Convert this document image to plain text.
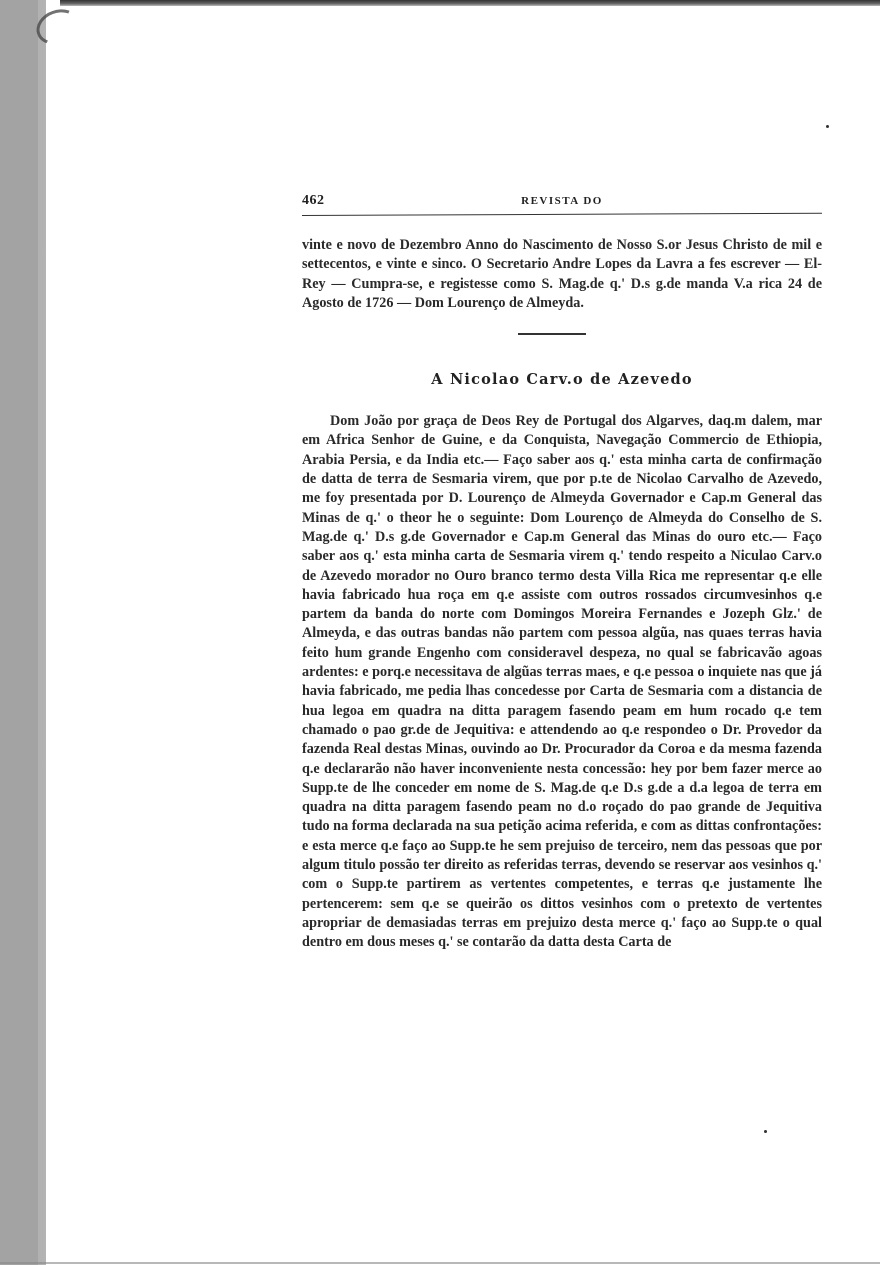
462	REVISTA DO

vinte e novo de Dezembro Anno do Nascimento de Nosso S.or Jesus Christo de mil e settecentos, e vinte e sinco. O Secretario Andre Lopes da Lavra a fes escrever — El-Rey — Cumpra-se, e registesse como S. Mag.de q.' D.s g.de manda V.a rica 24 de Agosto de 1726 — Dom Lourenço de Almeyda.

A Nicolao Carv.o de Azevedo

Dom João por graça de Deos Rey de Portugal dos Algarves, daq.m dalem, mar em Africa Senhor de Guine, e da Conquista, Navegação Commercio de Ethiopia, Arabia Persia, e da India etc.— Faço saber aos q.' esta minha carta de confirmação de datta de terra de Sesmaria virem, que por p.te de Nicolao Carvalho de Azevedo, me foy presentada por D. Lourenço de Almeyda Governador e Cap.m General das Minas de q.' o theor he o seguinte: Dom Lourenço de Almeyda do Conselho de S. Mag.de q.' D.s g.de Governador e Cap.m General das Minas do ouro etc.— Faço saber aos q.' esta minha carta de Sesmaria virem q.' tendo respeito a Niculao Carv.o de Azevedo morador no Ouro branco termo desta Villa Rica me representar q.e elle havia fabricado hua roça em q.e assiste com outros rossados circumvesinhos q.e partem da banda do norte com Domingos Moreira Fernandes e Jozeph Glz.' de Almeyda, e das outras bandas não partem com pessoa algũa, nas quaes terras havia feito hum grande Engenho com consideravel despeza, no qual se fabricavão agoas ardentes: e porq.e necessitava de algũas terras maes, e q.e pessoa o inquiete nas que já havia fabricado, me pedia lhas concedesse por Carta de Sesmaria com a distancia de hua legoa em quadra na ditta paragem fasendo peam em hum rocado q.e tem chamado o pao gr.de de Jequitiva: e attendendo ao q.e respondeo o Dr. Provedor da fazenda Real destas Minas, ouvindo ao Dr. Procurador da Coroa e da mesma fazenda q.e declararão não haver inconveniente nesta concessão: hey por bem fazer merce ao Supp.te de lhe conceder em nome de S. Mag.de q.e D.s g.de a d.a legoa de terra em quadra na ditta paragem fasendo peam no d.o roçado do pao grande de Jequitiva tudo na forma declarada na sua petição acima referida, e com as dittas confrontações: e esta merce q.e faço ao Supp.te he sem prejuiso de terceiro, nem das pessoas que por algum titulo possão ter direito as referidas terras, devendo se reservar aos vesinhos q.' com o Supp.te partirem as vertentes competentes, e terras q.e justamente lhe pertencerem: sem q.e se queirão os dittos vesinhos com o pretexto de vertentes apropriar de demasiadas terras em prejuizo desta merce q.' faço ao Supp.te o qual dentro em dous meses q.' se contarão da datta desta Carta de
